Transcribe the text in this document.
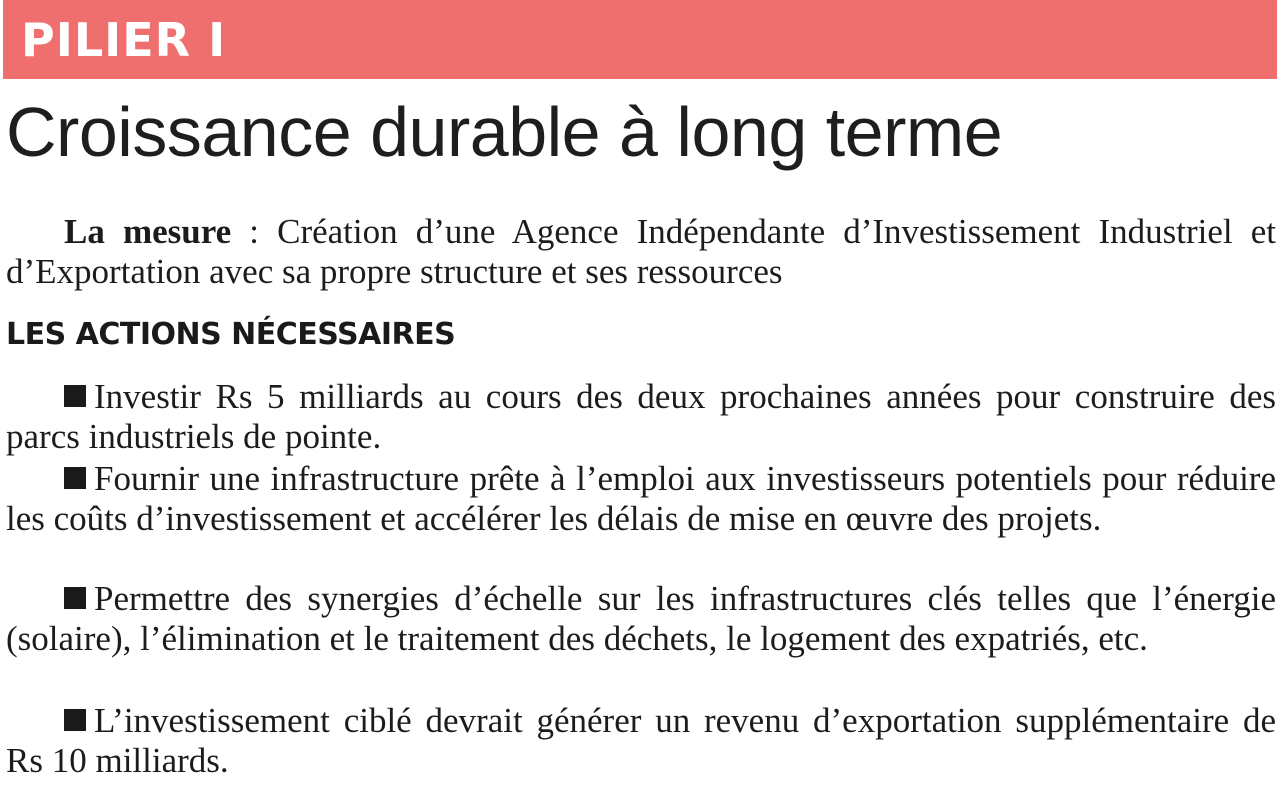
PILIER I
Croissance durable à long terme

La mesure : Création d’une Agence Indépendante d’Investissement Industriel et d’Exportation avec sa propre structure et ses ressources

LES ACTIONS NÉCESSAIRES

Investir Rs 5 milliards au cours des deux prochaines années pour construire des parcs industriels de pointe.

Fournir une infrastructure prête à l’emploi aux investisseurs potentiels pour réduire les coûts d’investissement et accélérer les délais de mise en œuvre des projets.

Permettre des synergies d’échelle sur les infrastructures clés telles que l’énergie (solaire), l’élimination et le traitement des déchets, le logement des expatriés, etc.

L’investissement ciblé devrait générer un revenu d’exportation supplémentaire de Rs 10 milliards.
